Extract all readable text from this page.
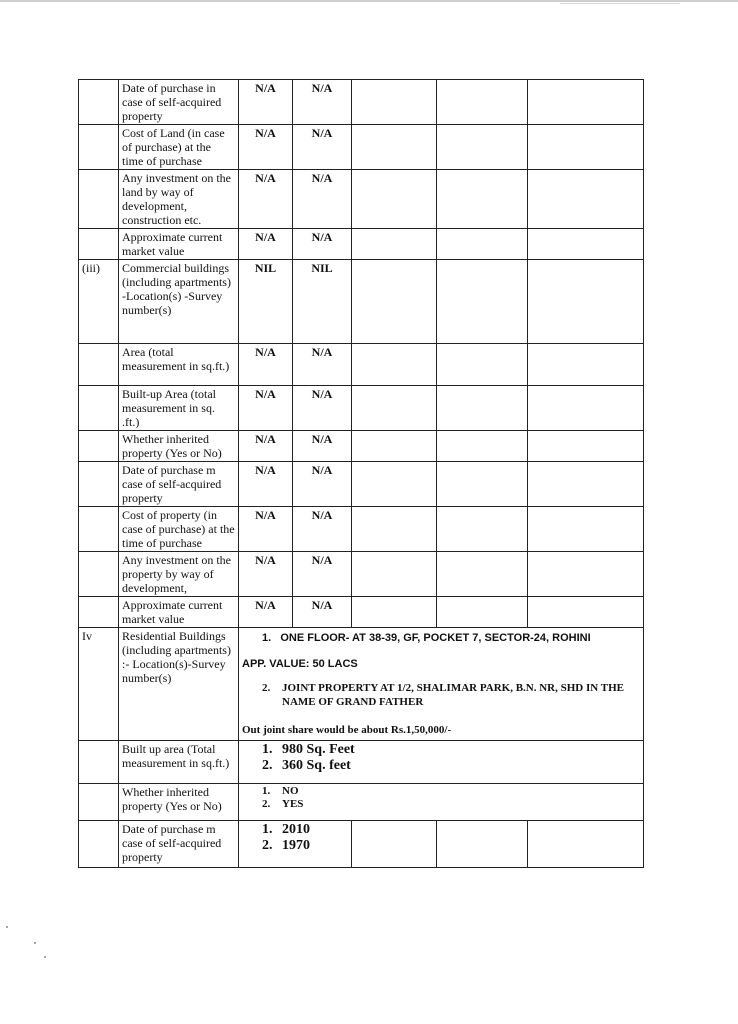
	Date of purchase in case of self-acquired property	N/A	N/A			
	Cost of Land (in case of purchase) at the time of purchase	N/A	N/A			
	Any investment on the land by way of development, construction etc.	N/A	N/A			
	Approximate current market value	N/A	N/A			
(iii)	Commercial buildings (including apartments) -Location(s) -Survey number(s)	NIL	NIL			
	Area (total measurement in sq.ft.)	N/A	N/A			
	Built-up Area (total measurement in sq. .ft.)	N/A	N/A			
	Whether inherited property (Yes or No)	N/A	N/A			
	Date of purchase m case of self-acquired property	N/A	N/A			
	Cost of property (in case of purchase) at the time of purchase	N/A	N/A			
	Any investment on the property by way of development,	N/A	N/A			
	Approximate current market value	N/A	N/A			
Iv	Residential Buildings (including apartments) :- Location(s)-Survey number(s)	1. ONE FLOOR- AT 38-39, GF, POCKET 7, SECTOR-24, ROHINI
APP. VALUE: 50 LACS
2. JOINT PROPERTY AT 1/2, SHALIMAR PARK, B.N. NR, SHD IN THE NAME OF GRAND FATHER
Out joint share would be about Rs.1,50,000/-				

	Built up area (Total measurement in sq.ft.)	1. 980 Sq. Feet
2. 360 Sq. feet				

	Whether inherited property (Yes or No)	1. NO
2. YES				

	Date of purchase m case of self-acquired property	1. 2010
2. 1970				
